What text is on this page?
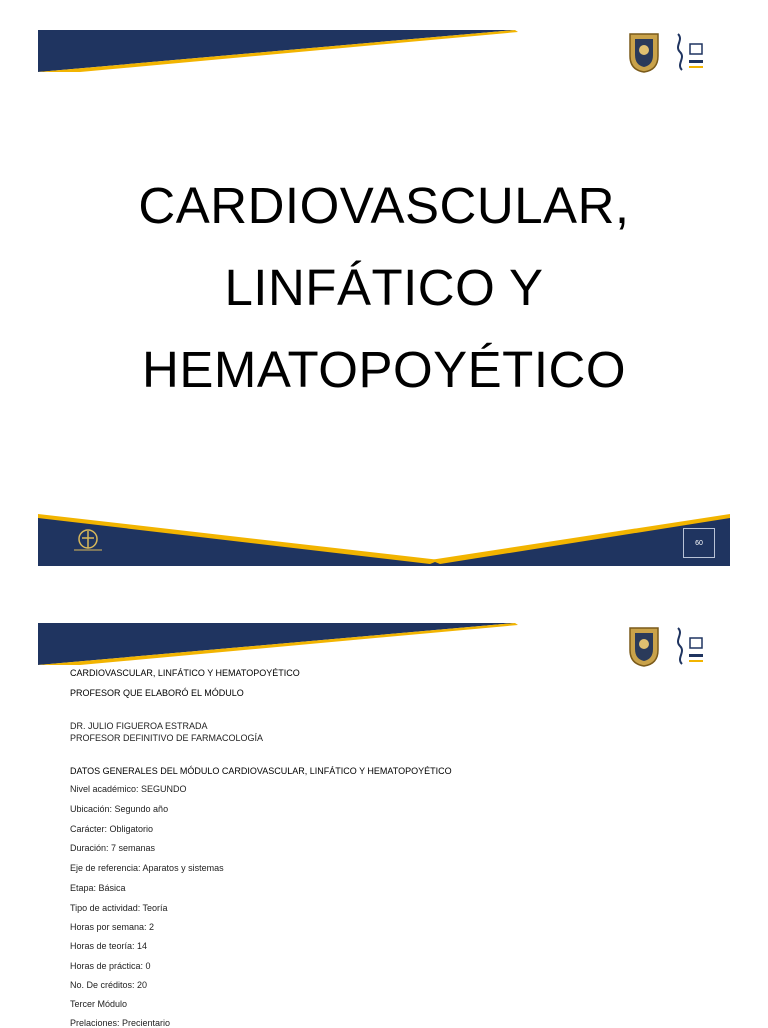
CARDIOVASCULAR,
LINFÁTICO Y
HEMATOPOYÉTICO
60
CARDIOVASCULAR, LINFÁTICO Y HEMATOPOYÉTICO
PROFESOR QUE ELABORÓ EL MÓDULO
DR. JULIO FIGUEROA ESTRADA
PROFESOR DEFINITIVO DE FARMACOLOGÍA
DATOS GENERALES DEL MÓDULO CARDIOVASCULAR, LINFÁTICO Y HEMATOPOYÉTICO
Nivel académico: SEGUNDO
Ubicación: Segundo año
Carácter: Obligatorio
Duración: 7 semanas
Eje de referencia: Aparatos y sistemas
Etapa: Básica
Tipo de actividad: Teoría
Horas por semana: 2
Horas de teoría: 14
Horas de práctica: 0
No. De créditos: 20
Tercer Módulo
Prelaciones: Precientario
